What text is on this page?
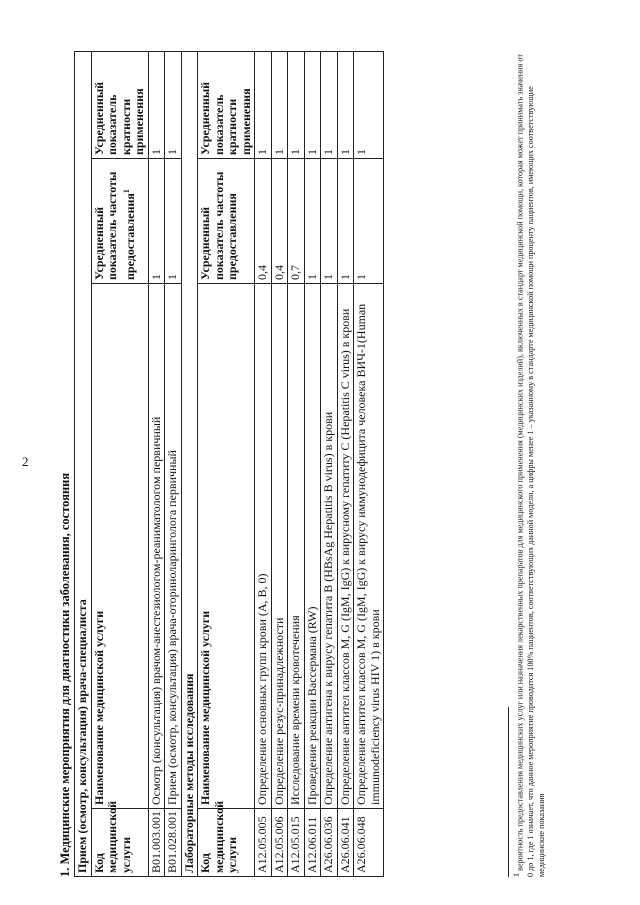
2
1. Медицинские мероприятия для диагностики заболевания, состояния Прием (осмотр, консультация) врача-специалиста			
Код медицинской услуги	Наименование медицинской услуги	Усредненный показатель частоты предоставления$^1$	Усредненный показатель кратности применения
B01.003.001	Осмотр (консультация) врачом-анестезиологом-реаниматологом первичный	1	1
B01.028.001	Прием (осмотр, консультация) врача-оториноларинголога первичный	1	1
Лабораторные методы исследования			
Код медицинской услуги	Наименование медицинской услуги	Усредненный показатель частоты предоставления	Усредненный показатель кратности применения
A12.05.005	Определение основных групп крови (A, B, 0)	0,4	1
A12.05.006	Определение резус-принадлежности	0,4	1
A12.05.015	Исследование времени кровотечения	0,7	1
A12.06.011	Проведение реакции Вассермана (RW)	1	1
A26.06.036	Определение антигена к вирусу гепатита B (HBsAg Hepatitis B virus) в крови	1	1
A26.06.041	Определение антител классов M, G (IgM, IgG) к вирусному гепатиту C (Hepatitis C virus) в крови	1	1
A26.06.048	Определение антител классов M, G (IgM, IgG) к вирусу иммунодефицита человека ВИЧ-1(Human immunodeficiency virus HIV 1) в крови	1	1
$^1$ вероятность предоставления медицинских услуг или назначения лекарственных препаратов для медицинского применения (медицинских изделий), включенных в стандарт медицинской помощи, которая может принимать значения от 0 до 1, где 1 означает, что данное мероприятие проводится 100% пациентов, соответствующих данной модели, а цифры менее 1 – указанному в стандарте медицинской помощи проценту пациентов, имеющих соответствующие медицинские показания
